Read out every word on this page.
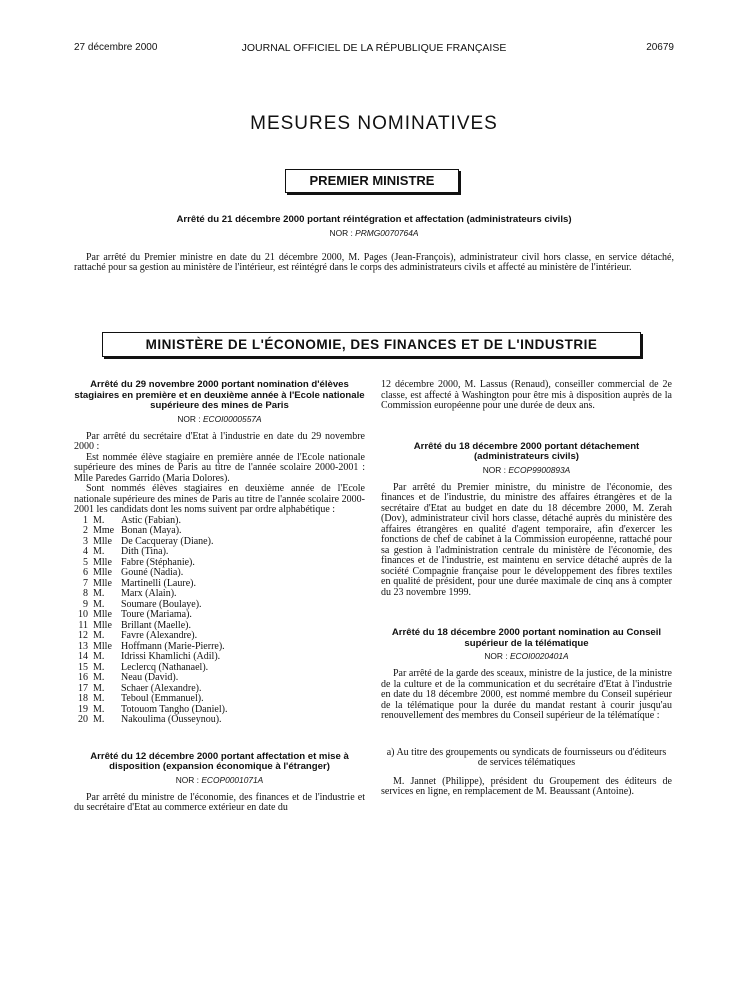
JOURNAL OFFICIEL DE LA RÉPUBLIQUE FRANÇAISE
27 décembre 2000	20679
MESURES NOMINATIVES
PREMIER MINISTRE
Arrêté du 21 décembre 2000 portant réintégration et affectation (administrateurs civils)
NOR : PRMG0070764A

Par arrêté du Premier ministre en date du 21 décembre 2000, M. Pages (Jean-François), administrateur civil hors classe, en service détaché, rattaché pour sa gestion au ministère de l'intérieur, est réintégré dans le corps des administrateurs civils et affecté au ministère de l'intérieur.

MINISTÈRE DE L'ÉCONOMIE, DES FINANCES ET DE L'INDUSTRIE
Arrêté du 29 novembre 2000 portant nomination d'élèves stagiaires en première et en deuxième année à l'Ecole nationale supérieure des mines de Paris
NOR : ECOI0000557A

Par arrêté du secrétaire d'Etat à l'industrie en date du 29 novembre 2000 :

Est nommée élève stagiaire en première année de l'Ecole nationale supérieure des mines de Paris au titre de l'année scolaire 2000-2001 : Mlle Paredes Garrido (Maria Dolores).

Sont nommés élèves stagiaires en deuxième année de l'Ecole nationale supérieure des mines de Paris au titre de l'année scolaire 2000-2001 les candidats dont les noms suivent par ordre alphabétique :

1 M.	Astic (Fabian).
2 Mme Bonan (Maya).
3 Mlle De Cacqueray (Diane).
4 M.	Dith (Tina).
5 Mlle Fabre (Stéphanie).
6 Mlle Gouné (Nadia).
7 Mlle Martinelli (Laure).
8 M.	Marx (Alain).
9 M.	Soumare (Boulaye).
10 Mlle Toure (Mariama).
11 Mlle Brillant (Maelle).
12 M.	Favre (Alexandre).
13 Mlle Hoffmann (Marie-Pierre).
14 M.	Idrissi Khamlichi (Adil).
15 M.	Leclercq (Nathanael).
16 M.	Neau (David).
17 M.	Schaer (Alexandre).
18 M.	Teboul (Emmanuel).
19 M.	Totouom Tangho (Daniel).
20 M.	Nakoulima (Ousseynou).
Arrêté du 12 décembre 2000 portant affectation et mise à disposition (expansion économique à l'étranger)
NOR : ECOP0001071A

Par arrêté du ministre de l'économie, des finances et de l'industrie et du secrétaire d'Etat au commerce extérieur en date du

12 décembre 2000, M. Lassus (Renaud), conseiller commercial de 2e classe, est affecté à Washington pour être mis à disposition auprès de la Commission européenne pour une durée de deux ans.

Arrêté du 18 décembre 2000 portant détachement (administrateurs civils)
NOR : ECOP9900893A

Par arrêté du Premier ministre, du ministre de l'économie, des finances et de l'industrie, du ministre des affaires étrangères et de la secrétaire d'Etat au budget en date du 18 décembre 2000, M. Zerah (Dov), administrateur civil hors classe, détaché auprès du ministère des affaires étrangères en qualité d'agent temporaire, afin d'exercer les fonctions de chef de cabinet à la Commission européenne, rattaché pour sa gestion à l'administration centrale du ministère de l'économie, des finances et de l'industrie, est maintenu en service détaché auprès de la société Compagnie française pour le développement des fibres textiles en qualité de président, pour une durée maximale de cinq ans à compter du 23 novembre 1999.

Arrêté du 18 décembre 2000 portant nomination au Conseil supérieur de la télématique
NOR : ECOI0020401A

Par arrêté de la garde des sceaux, ministre de la justice, de la ministre de la culture et de la communication et du secrétaire d'Etat à l'industrie en date du 18 décembre 2000, est nommé membre du Conseil supérieur de la télématique pour la durée du mandat restant à courir jusqu'au renouvellement des membres du Conseil supérieur de la télématique :

a) Au titre des groupements ou syndicats de fournisseurs ou d'éditeurs de services télématiques

M. Jannet (Philippe), président du Groupement des éditeurs de services en ligne, en remplacement de M. Beaussant (Antoine).
